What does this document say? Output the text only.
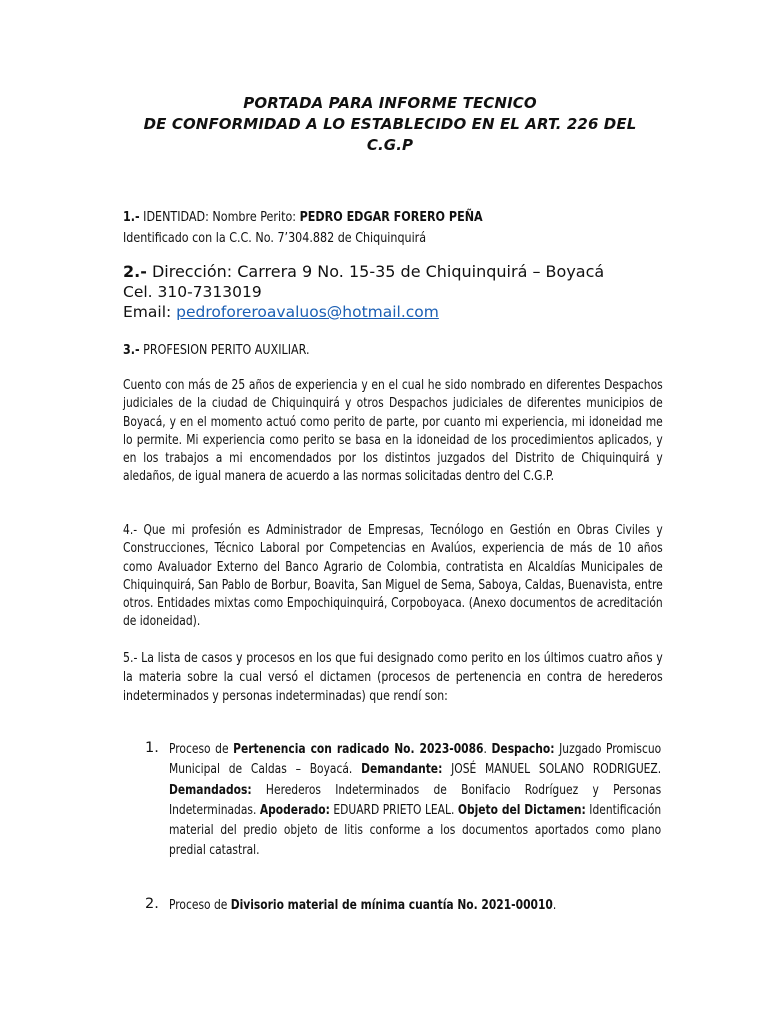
PORTADA PARA INFORME TECNICO
DE CONFORMIDAD A LO ESTABLECIDO EN EL ART. 226 DEL
C.G.P
1.- IDENTIDAD: Nombre Perito: PEDRO EDGAR FORERO PEÑA
Identificado con la C.C. No. 7’304.882 de Chiquinquirá
2.- Dirección: Carrera 9 No. 15-35 de Chiquinquirá – Boyacá
Cel. 310-7313019
Email: pedroforeroavaluos@hotmail.com
3.- PROFESION PERITO AUXILIAR.
Cuento con más de 25 años de experiencia y en el cual he sido nombrado en diferentes Despachos judiciales de la ciudad de Chiquinquirá y otros Despachos judiciales de diferentes municipios de Boyacá, y en el momento actuó como perito de parte, por cuanto mi experiencia, mi idoneidad me lo permite. Mi experiencia como perito se basa en la idoneidad de los procedimientos aplicados, y en los trabajos a mi encomendados por los distintos juzgados del Distrito de Chiquinquirá y aledaños, de igual manera de acuerdo a las normas solicitadas dentro del C.G.P.
4.- Que mi profesión es Administrador de Empresas, Tecnólogo en Gestión en Obras Civiles y Construcciones, Técnico Laboral por Competencias en Avalúos, experiencia de más de 10 años como Avaluador Externo del Banco Agrario de Colombia, contratista en Alcaldías Municipales de Chiquinquirá, San Pablo de Borbur, Boavita, San Miguel de Sema, Saboya, Caldas, Buenavista, entre otros. Entidades mixtas como Empochiquinquirá, Corpoboyaca. (Anexo documentos de acreditación de idoneidad).
5.- La lista de casos y procesos en los que fui designado como perito en los últimos cuatro años y la materia sobre la cual versó el dictamen (procesos de pertenencia en contra de herederos indeterminados y personas indeterminadas) que rendí son:
1. Proceso de Pertenencia con radicado No. 2023-0086. Despacho: Juzgado Promiscuo Municipal de Caldas – Boyacá. Demandante: JOSÉ MANUEL SOLANO RODRIGUEZ. Demandados: Herederos Indeterminados de Bonifacio Rodríguez y Personas Indeterminadas. Apoderado: EDUARD PRIETO LEAL. Objeto del Dictamen: Identificación material del predio objeto de litis conforme a los documentos aportados como plano predial catastral.
2. Proceso de Divisorio material de mínima cuantía No. 2021-00010.
